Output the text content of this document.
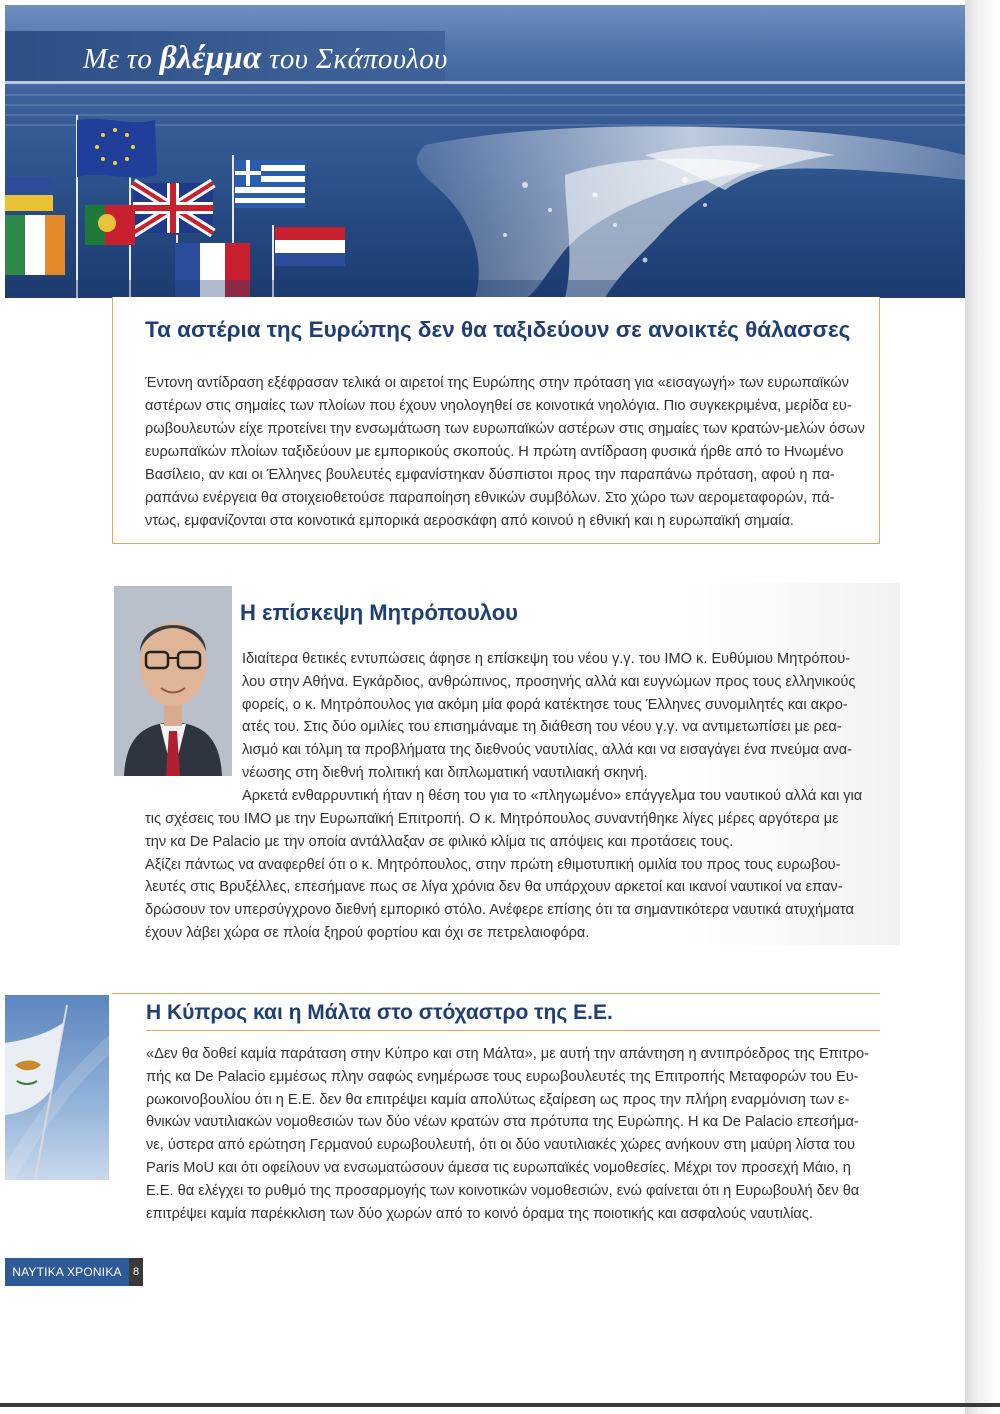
Με το βλέμμα του Σκάπουλου
Τα αστέρια της Ευρώπης δεν θα ταξιδεύουν σε ανοικτές θάλασσες

Έντονη αντίδραση εξέφρασαν τελικά οι αιρετοί της Ευρώπης στην πρόταση για «εισαγωγή» των ευρωπαϊκών

αστέρων στις σημαίες των πλοίων που έχουν νηολογηθεί σε κοινοτικά νηολόγια. Πιο συγκεκριμένα, μερίδα ευ-

ρωβουλευτών είχε προτείνει την ενσωμάτωση των ευρωπαϊκών αστέρων στις σημαίες των κρατών-μελών όσων

ευρωπαϊκών πλοίων ταξιδεύουν με εμπορικούς σκοπούς. Η πρώτη αντίδραση φυσικά ήρθε από το Ηνωμένο

Βασίλειο, αν και οι Έλληνες βουλευτές εμφανίστηκαν δύσπιστοι προς την παραπάνω πρόταση, αφού η πα-

ραπάνω ενέργεια θα στοιχειοθετούσε παραποίηση εθνικών συμβόλων. Στο χώρο των αερομεταφορών, πά-

ντως, εμφανίζονται στα κοινοτικά εμπορικά αεροσκάφη από κοινού η εθνική και η ευρωπαϊκή σημαία.

Η επίσκεψη Μητρόπουλου

Ιδιαίτερα θετικές εντυπώσεις άφησε η επίσκεψη του νέου γ.γ. του ΙΜΟ κ. Ευθύμιου Μητρόπου-

λου στην Αθήνα. Εγκάρδιος, ανθρώπινος, προσηνής αλλά και ευγνώμων προς τους ελληνικούς

φορείς, ο κ. Μητρόπουλος για ακόμη μία φορά κατέκτησε τους Έλληνες συνομιλητές και ακρο-

ατές του. Στις δύο ομιλίες του επισημάναμε τη διάθεση του νέου γ.γ. να αντιμετωπίσει με ρεα-

λισμό και τόλμη τα προβλήματα της διεθνούς ναυτιλίας, αλλά και να εισαγάγει ένα πνεύμα ανα-

νέωσης στη διεθνή πολιτική και διπλωματική ναυτιλιακή σκηνή.

Αρκετά ενθαρρυντική ήταν η θέση του για το «πληγωμένο» επάγγελμα του ναυτικού αλλά και για

τις σχέσεις του ΙΜΟ με την Ευρωπαϊκή Επιτροπή. Ο κ. Μητρόπουλος συναντήθηκε λίγες μέρες αργότερα με

την κα De Palacio με την οποία αντάλλαξαν σε φιλικό κλίμα τις απόψεις και προτάσεις τους.

Αξίζει πάντως να αναφερθεί ότι ο κ. Μητρόπουλος, στην πρώτη εθιμοτυπική ομιλία του προς τους ευρωβου-

λευτές στις Βρυξέλλες, επεσήμανε πως σε λίγα χρόνια δεν θα υπάρχουν αρκετοί και ικανοί ναυτικοί να επαν-

δρώσουν τον υπερσύγχρονο διεθνή εμπορικό στόλο. Ανέφερε επίσης ότι τα σημαντικότερα ναυτικά ατυχήματα

έχουν λάβει χώρα σε πλοία ξηρού φορτίου και όχι σε πετρελαιοφόρα.

Η Κύπρος και η Μάλτα στο στόχαστρο της Ε.Ε.

«Δεν θα δοθεί καμία παράταση στην Κύπρο και στη Μάλτα», με αυτή την απάντηση η αντιπρόεδρος της Επιτρο-

πής κα De Palacio εμμέσως πλην σαφώς ενημέρωσε τους ευρωβουλευτές της Επιτροπής Μεταφορών του Ευ-

ρωκοινοβουλίου ότι η Ε.Ε. δεν θα επιτρέψει καμία απολύτως εξαίρεση ως προς την πλήρη εναρμόνιση των ε-

θνικών ναυτιλιακών νομοθεσιών των δύο νέων κρατών στα πρότυπα της Ευρώπης. Η κα De Palacio επεσήμα-

νε, ύστερα από ερώτηση Γερμανού ευρωβουλευτή, ότι οι δύο ναυτιλιακές χώρες ανήκουν στη μαύρη λίστα του

Paris MoU και ότι οφείλουν να ενσωματώσουν άμεσα τις ευρωπαϊκές νομοθεσίες. Μέχρι τον προσεχή Μάιο, η

Ε.Ε. θα ελέγχει το ρυθμό της προσαρμογής των κοινοτικών νομοθεσιών, ενώ φαίνεται ότι η Ευρωβουλή δεν θα

επιτρέψει καμία παρέκκλιση των δύο χωρών από το κοινό όραμα της ποιοτικής και ασφαλούς ναυτιλίας.

ΝΑΥΤΙΚΑ ΧΡΟΝΙΚΑ	8
